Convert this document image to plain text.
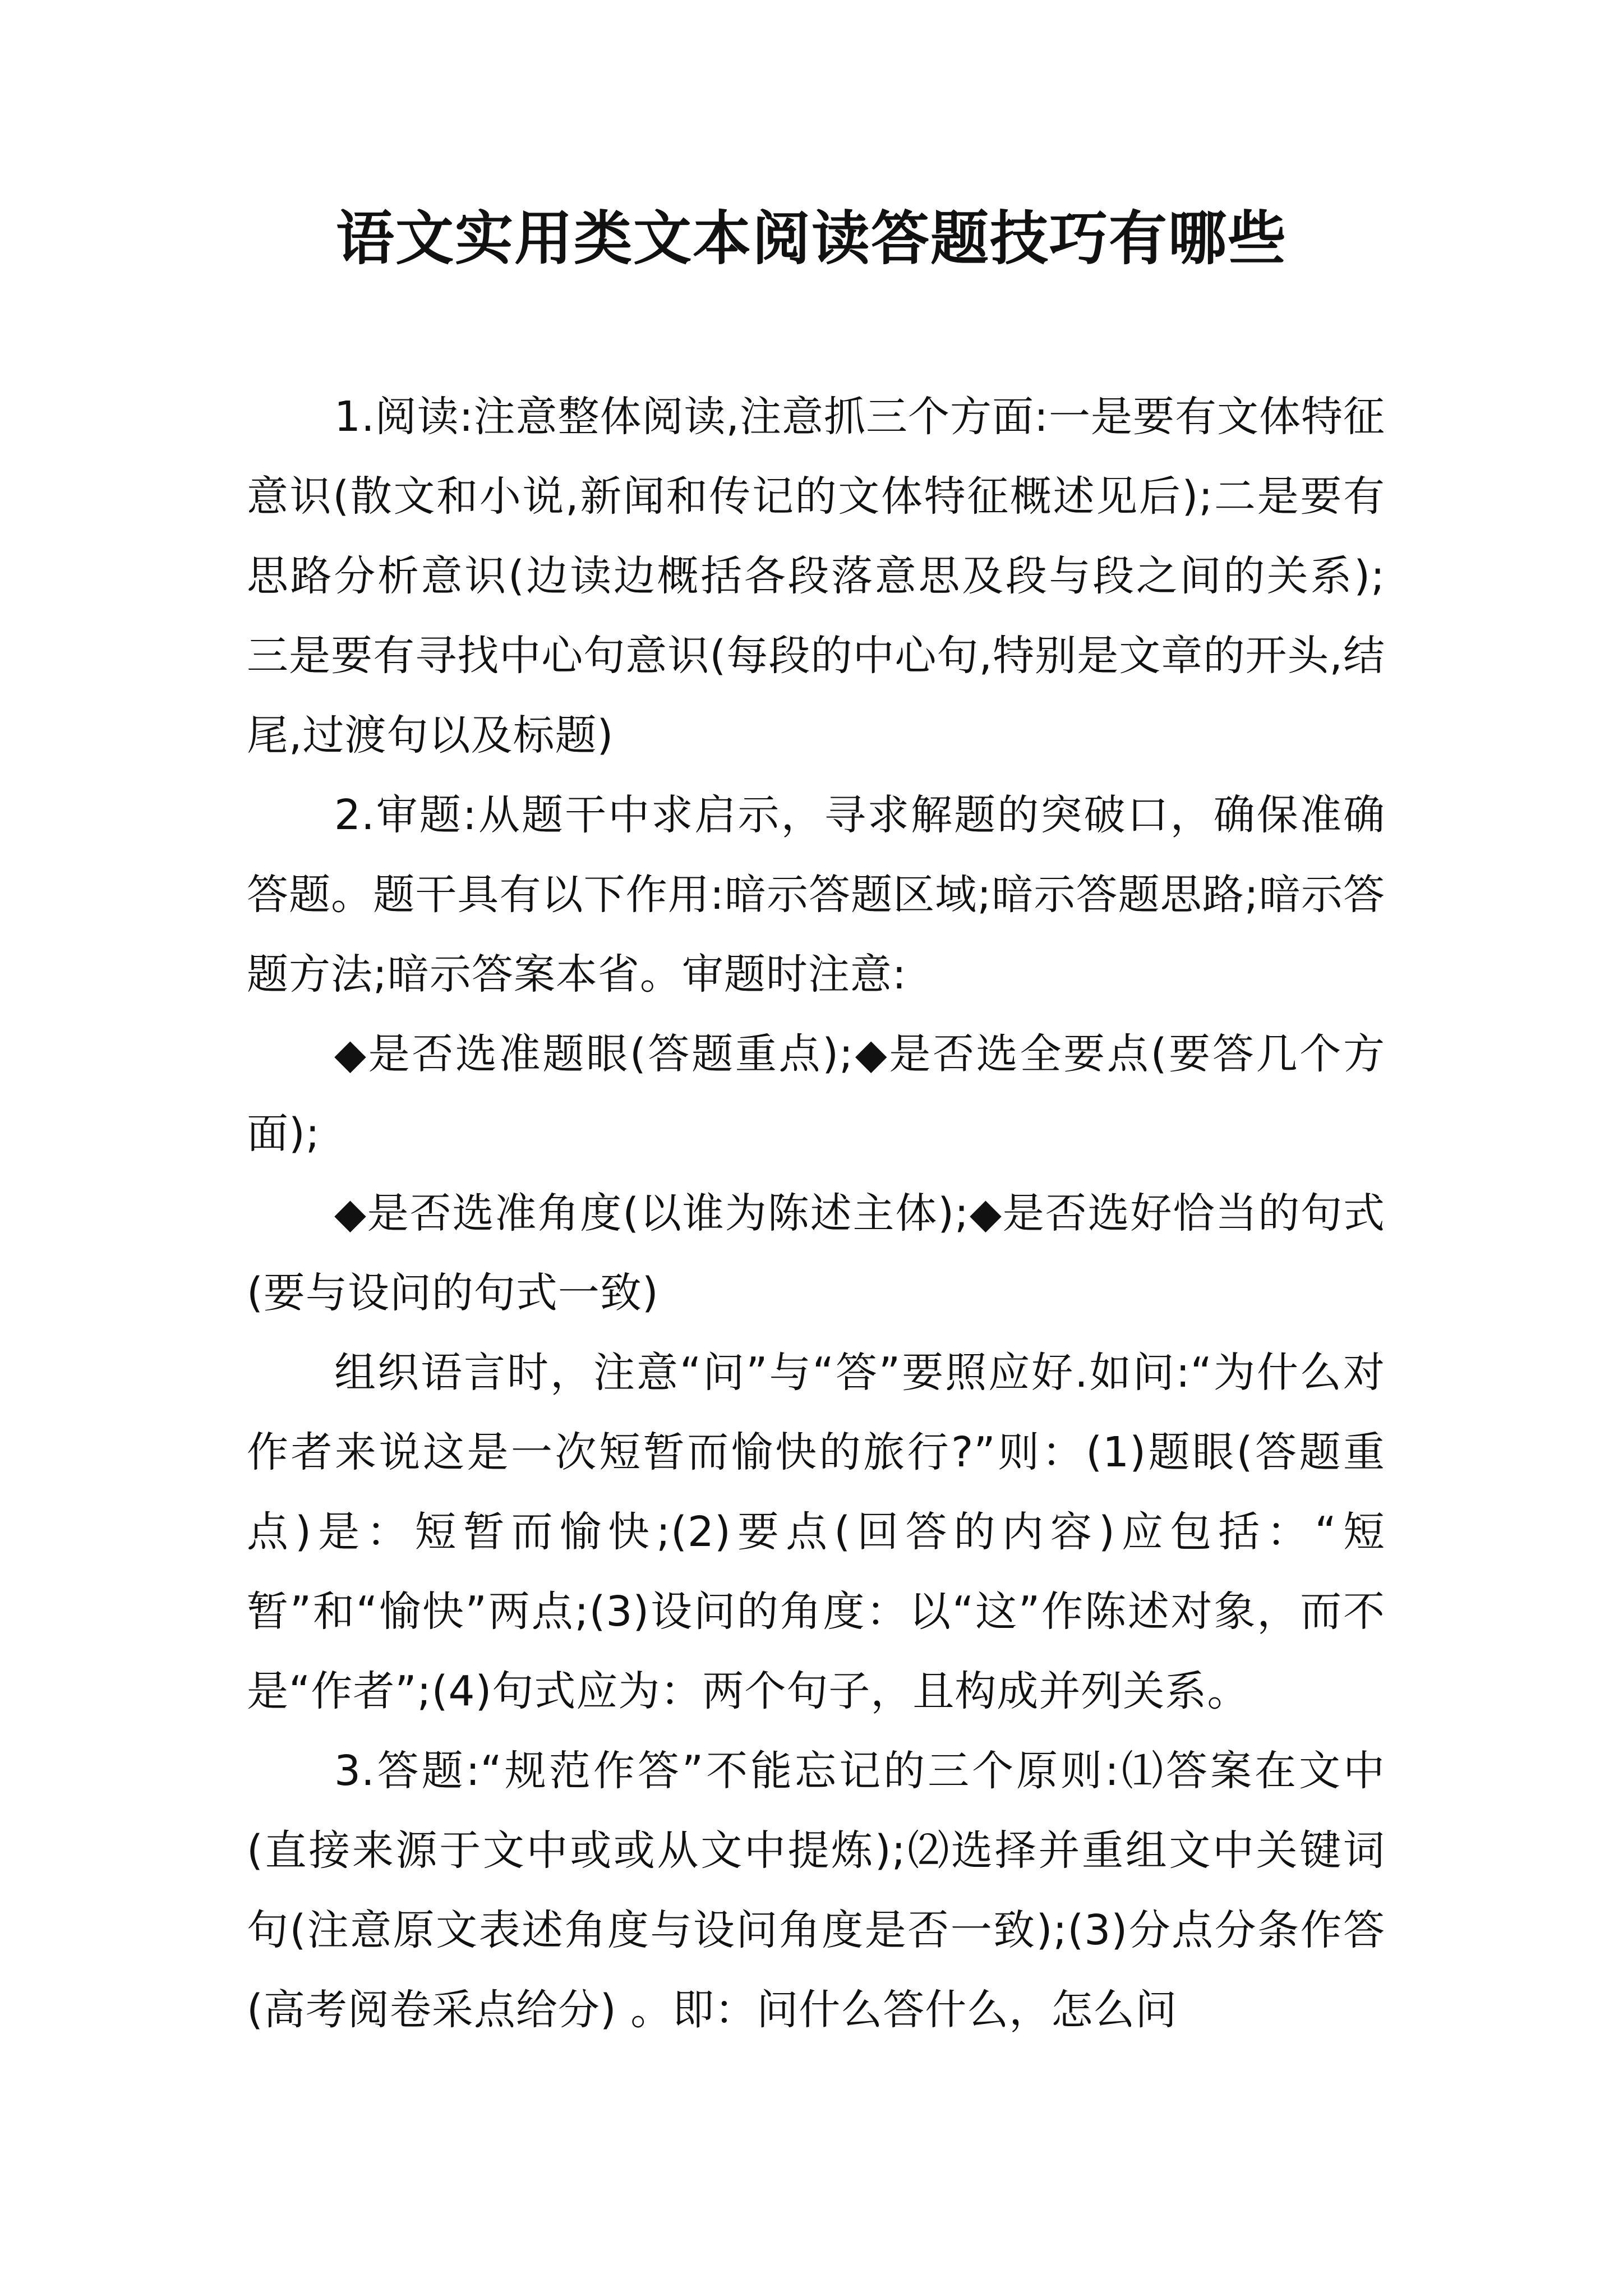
语文实用类文本阅读答题技巧有哪些

1.阅读:注意整体阅读,注意抓三个方面:一是要有文体特征意识(散文和小说,新闻和传记的文体特征概述见后);二是要有思路分析意识(边读边概括各段落意思及段与段之间的关系);三是要有寻找中心句意识(每段的中心句,特别是文章的开头,结尾,过渡句以及标题)

2.审题:从题干中求启示，寻求解题的突破口，确保准确答题。题干具有以下作用:暗示答题区域;暗示答题思路;暗示答题方法;暗示答案本省。审题时注意:

◆是否选准题眼(答题重点);◆是否选全要点(要答几个方面);

◆是否选准角度(以谁为陈述主体);◆是否选好恰当的句式(要与设问的句式一致)

组织语言时，注意“问”与“答”要照应好.如问:“为什么对作者来说这是一次短暂而愉快的旅行?”则：(1)题眼(答题重点)是：短暂而愉快;(2)要点(回答的内容)应包括：“短暂”和“愉快”两点;(3)设问的角度：以“这”作陈述对象，而不是“作者”;(4)句式应为：两个句子，且构成并列关系。

3.答题:“规范作答”不能忘记的三个原则:⑴答案在文中(直接来源于文中或或从文中提炼);⑵选择并重组文中关键词句(注意原文表述角度与设问角度是否一致);(3)分点分条作答(高考阅卷采点给分) 。即：问什么答什么，怎么问
